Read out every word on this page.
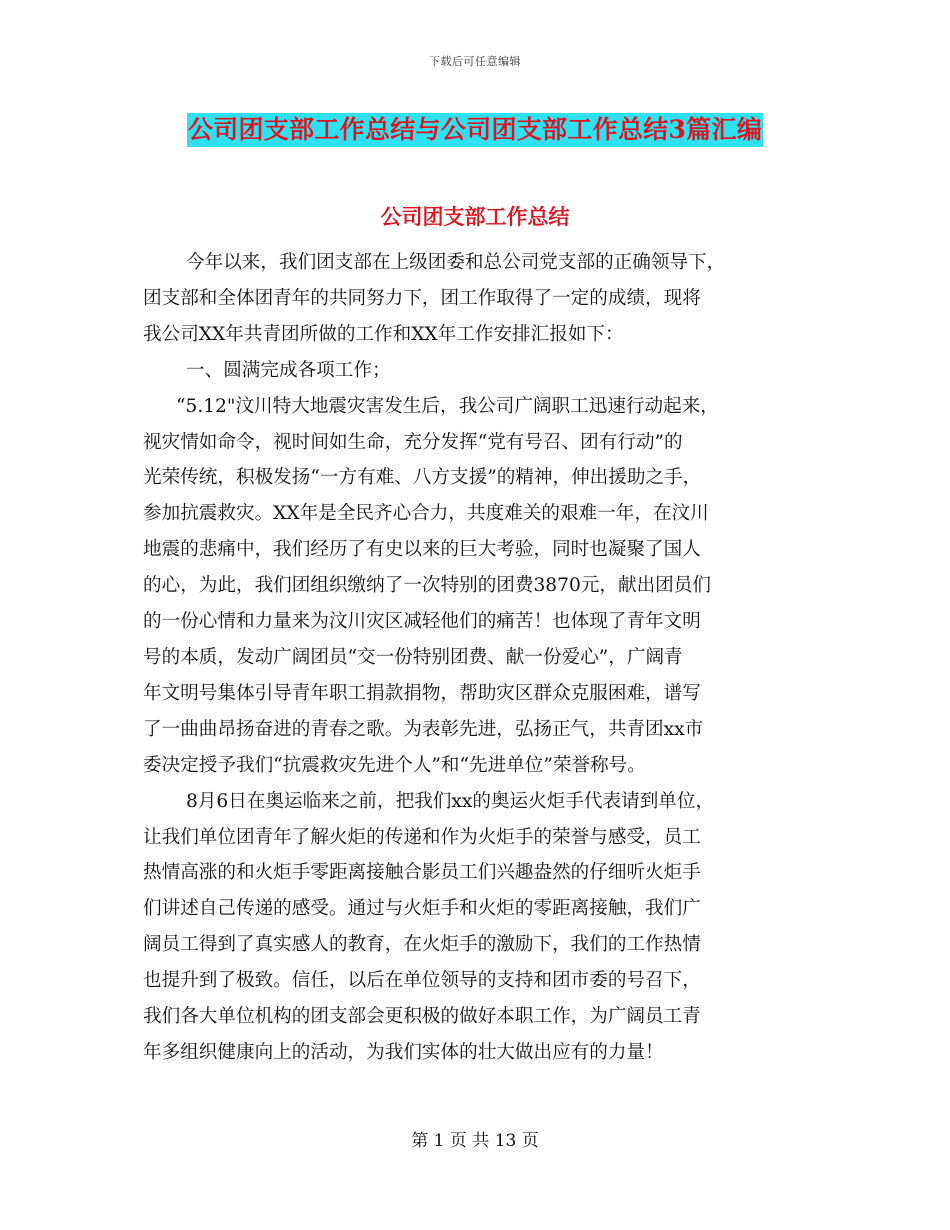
下载后可任意编辑
公司团支部工作总结与公司团支部工作总结3篇汇编
公司团支部工作总结
今年以来，我们团支部在上级团委和总公司党支部的正确领导下，
团支部和全体团青年的共同努力下，团工作取得了一定的成绩，现将
我公司XX年共青团所做的工作和XX年工作安排汇报如下：
一、圆满完成各项工作；
“5.12"汶川特大地震灾害发生后，我公司广阔职工迅速行动起来，
视灾情如命令，视时间如生命，充分发挥“党有号召、团有行动”的
光荣传统，积极发扬“一方有难、八方支援”的精神，伸出援助之手，
参加抗震救灾。XX年是全民齐心合力，共度难关的艰难一年，在汶川
地震的悲痛中，我们经历了有史以来的巨大考验，同时也凝聚了国人
的心，为此，我们团组织缴纳了一次特别的团费3870元，献出团员们
的一份心情和力量来为汶川灾区减轻他们的痛苦！也体现了青年文明
号的本质，发动广阔团员“交一份特别团费、献一份爱心”，广阔青
年文明号集体引导青年职工捐款捐物，帮助灾区群众克服困难，谱写
了一曲曲昂扬奋进的青春之歌。为表彰先进，弘扬正气，共青团xx市
委决定授予我们“抗震救灾先进个人”和“先进单位”荣誉称号。
8月6日在奥运临来之前，把我们xx的奥运火炬手代表请到单位，
让我们单位团青年了解火炬的传递和作为火炬手的荣誉与感受，员工
热情高涨的和火炬手零距离接触合影员工们兴趣盎然的仔细听火炬手
们讲述自己传递的感受。通过与火炬手和火炬的零距离接触，我们广
阔员工得到了真实感人的教育，在火炬手的激励下，我们的工作热情
也提升到了极致。信任，以后在单位领导的支持和团市委的号召下，
我们各大单位机构的团支部会更积极的做好本职工作，为广阔员工青
年多组织健康向上的活动，为我们实体的壮大做出应有的力量！
第 1 页 共 13 页
